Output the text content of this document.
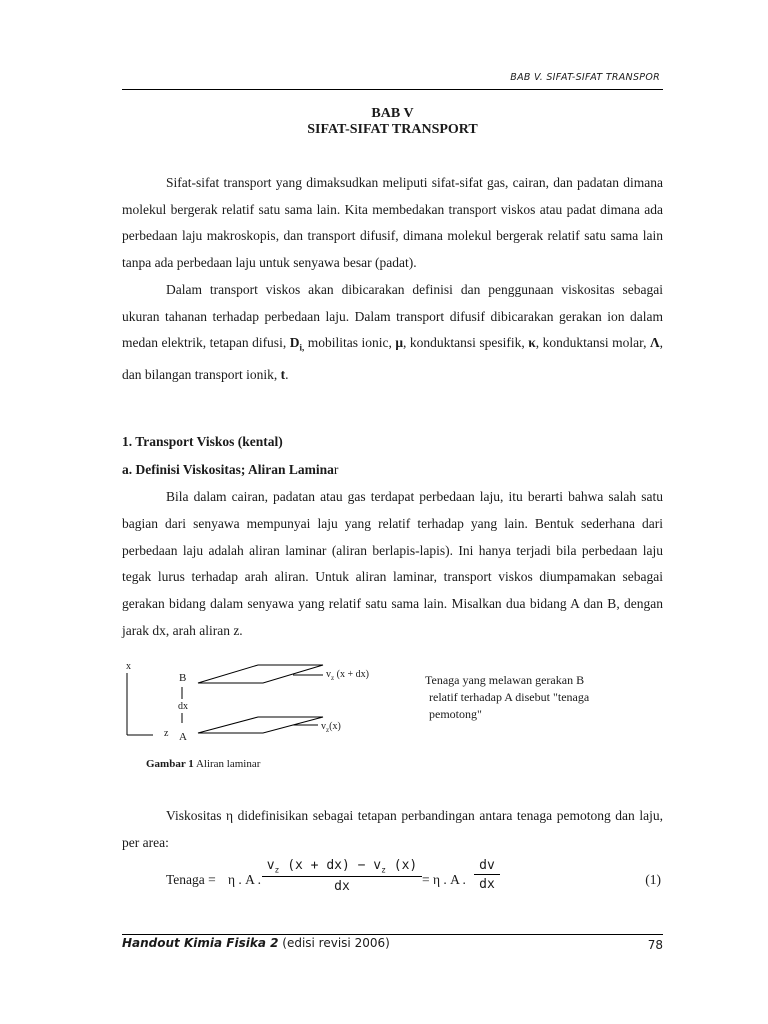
BAB V. SIFAT-SIFAT TRANSPOR
BAB V
SIFAT-SIFAT TRANSPORT

Sifat-sifat transport yang dimaksudkan meliputi sifat-sifat gas, cairan, dan padatan dimana molekul bergerak relatif satu sama lain. Kita membedakan transport viskos atau padat dimana ada perbedaan laju makroskopis, dan transport difusif, dimana molekul bergerak relatif satu sama lain tanpa ada perbedaan laju untuk senyawa besar (padat).

Dalam transport viskos akan dibicarakan definisi dan penggunaan viskositas sebagai ukuran tahanan terhadap perbedaan laju. Dalam transport difusif dibicarakan gerakan ion dalam medan elektrik, tetapan difusi, $D_{i,}$ mobilitas ionic, μ, konduktansi spesifik, κ, konduktansi molar, Λ, dan bilangan transport ionik, t.

1. Transport Viskos (kental)
a. Definisi Viskositas; Aliran Laminar

Bila dalam cairan, padatan atau gas terdapat perbedaan laju, itu berarti bahwa salah satu bagian dari senyawa mempunyai laju yang relatif terhadap yang lain. Bentuk sederhana dari perbedaan laju adalah aliran laminar (aliran berlapis-lapis). Ini hanya terjadi bila perbedaan laju tegak lurus terhadap arah aliran. Untuk aliran laminar, transport viskos diumpamakan sebagai gerakan bidang dalam senyawa yang relatif satu sama lain. Misalkan dua bidang A dan B, dengan jarak dx, arah aliran z.

x
z
B
A
dx
$v_z$ (x + dx)
$v_z(x)$
Tenaga yang melawan gerakan B
relatif terhadap A disebut "tenaga
pemotong"
Gambar 1 Aliran laminar

Viskositas η didefinisikan sebagai tetapan perbandingan antara tenaga pemotong dan laju, per area:

Tenaga = η . A . $\frac{v_z (x + dx) - v_z (x)}{dx} = \eta$ . A . $\frac{dv}{dx}$	(1)
Handout Kimia Fisika 2 (edisi revisi 2006)	78
